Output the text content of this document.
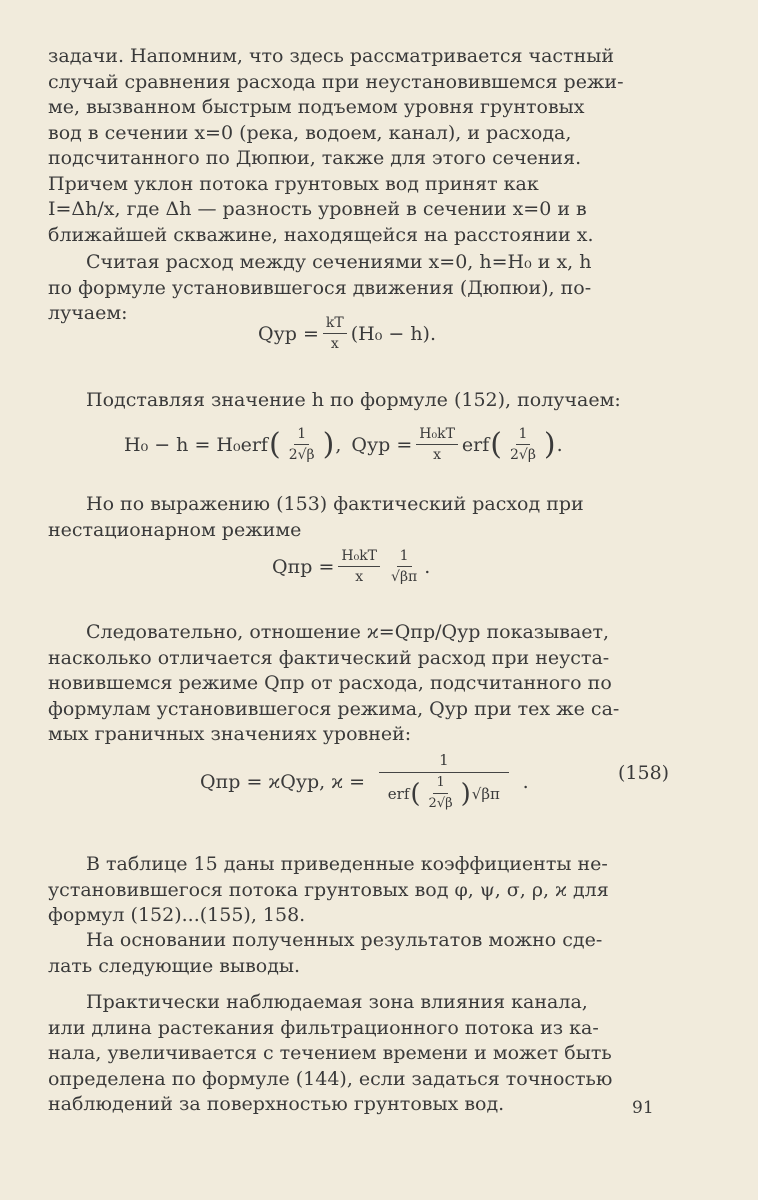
задачи. Напомним, что здесь рассматривается частный
случай сравнения расхода при неустановившемся режи-
ме, вызванном быстрым подъемом уровня грунтовых
вод в сечении x=0 (река, водоем, канал), и расхода,
подсчитанного по Дюпюи, также для этого сечения.
Причем уклон потока грунтовых вод принят как
I=Δh/x, где Δh — разность уровней в сечении x=0 и в
ближайшей скважине, находящейся на расстоянии x.
Считая расход между сечениями x=0, h=H₀ и x, h
по формуле установившегося движения (Дюпюи), по-
лучаем:
Qур = $\frac{kT}{x} (H_0 - h)$.
Подставляя значение h по формуле (152), получаем:
H₀ − h = H₀erf ( $\frac{1}{2√\beta}$ ) , Qур = $\frac{\text{H₀kT}}{x}$ erf ( $\frac{1}{2√\beta}$ ) .
Но по выражению (153) фактический расход при
нестационарном режиме
Qпр = $\frac{\text{H₀kT}}{x} \frac{1}{√\beta\pi}$ .
Следовательно, отношение ϰ=Qпр/Qур показывает,
насколько отличается фактический расход при неуста-
новившемся режиме Qпр от расхода, подсчитанного по
формулам установившегося режима, Qур при тех же са-
мых граничных значениях уровней:
Qпр = ϰQур, ϰ =
1
erf ( $\frac{1}{2√\beta}$ ) √βπ
.	(158)
В таблице 15 даны приведенные коэффициенты не-
установившегося потока грунтовых вод φ, ψ, σ, ρ, ϰ для
формул (152)...(155), 158.
На основании полученных результатов можно сде-
лать следующие выводы.
Практически наблюдаемая зона влияния канала,
или длина растекания фильтрационного потока из ка-
нала, увеличивается с течением времени и может быть
определена по формуле (144), если задаться точностью
наблюдений за поверхностью грунтовых вод.	91
